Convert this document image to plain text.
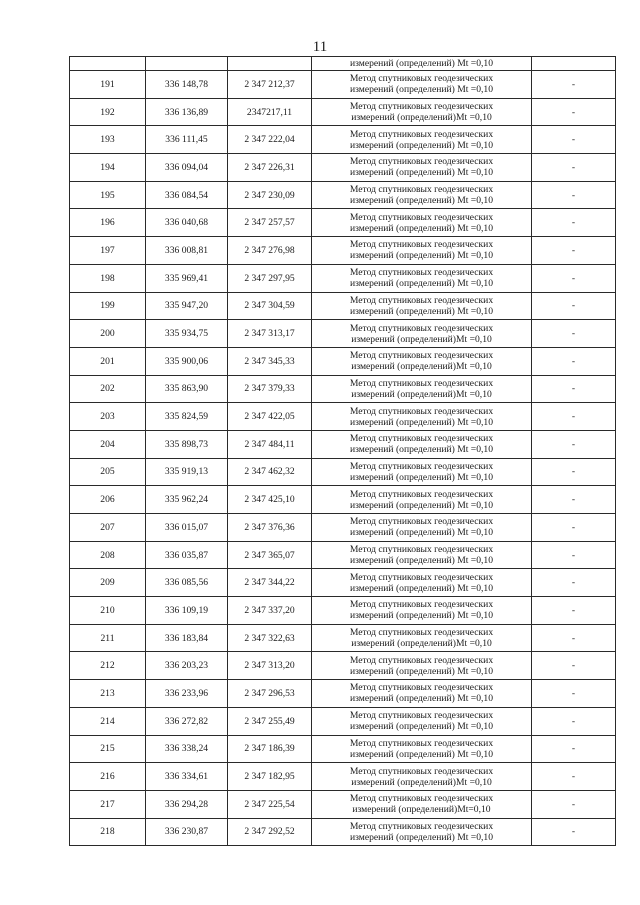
11

			измерений (определений) Mt =0,10	

191	336 148,78	2 347 212,37	Метод спутниковых геодезических
измерений (определений) Mt =0,10	-
192	336 136,89	2347217,11	Метод спутниковых геодезических
измерений (определений)Mt =0,10	-
193	336 111,45	2 347 222,04	Метод спутниковых геодезических
измерений (определений) Mt =0,10	-
194	336 094,04	2 347 226,31	Метод спутниковых геодезических
измерений (определений) Mt =0,10	-
195	336 084,54	2 347 230,09	Метод спутниковых геодезических
измерений (определений) Mt =0,10	-
196	336 040,68	2 347 257,57	Метод спутниковых геодезических
измерений (определений) Mt =0,10	-
197	336 008,81	2 347 276,98	Метод спутниковых геодезических
измерений (определений) Mt =0,10	-
198	335 969,41	2 347 297,95	Метод спутниковых геодезических
измерений (определений) Mt =0,10	-
199	335 947,20	2 347 304,59	Метод спутниковых геодезических
измерений (определений) Mt =0,10	-
200	335 934,75	2 347 313,17	Метод спутниковых геодезических
измерений (определений)Mt =0,10	-
201	335 900,06	2 347 345,33	Метод спутниковых геодезических
измерений (определений)Mt =0,10	-
202	335 863,90	2 347 379,33	Метод спутниковых геодезических
измерений (определений)Mt =0,10	-
203	335 824,59	2 347 422,05	Метод спутниковых геодезических
измерений (определений) Mt =0,10	-
204	335 898,73	2 347 484,11	Метод спутниковых геодезических
измерений (определений) Mt =0,10	-
205	335 919,13	2 347 462,32	Метод спутниковых геодезических
измерений (определений) Mt =0,10	-
206	335 962,24	2 347 425,10	Метод спутниковых геодезических
измерений (определений) Mt =0,10	-
207	336 015,07	2 347 376,36	Метод спутниковых геодезических
измерений (определений) Mt =0,10	-
208	336 035,87	2 347 365,07	Метод спутниковых геодезических
измерений (определений) Mt =0,10	-
209	336 085,56	2 347 344,22	Метод спутниковых геодезических
измерений (определений) Mt =0,10	-
210	336 109,19	2 347 337,20	Метод спутниковых геодезических
измерений (определений) Mt =0,10	-
211	336 183,84	2 347 322,63	Метод спутниковых геодезических
измерений (определений)Mt =0,10	-
212	336 203,23	2 347 313,20	Метод спутниковых геодезических
измерений (определений) Mt =0,10	-
213	336 233,96	2 347 296,53	Метод спутниковых геодезических
измерений (определений) Mt =0,10	-
214	336 272,82	2 347 255,49	Метод спутниковых геодезических
измерений (определений) Mt =0,10	-
215	336 338,24	2 347 186,39	Метод спутниковых геодезических
измерений (определений) Mt =0,10	-
216	336 334,61	2 347 182,95	Метод спутниковых геодезических
измерений (определений)Mt =0,10	-
217	336 294,28	2 347 225,54	Метод спутниковых геодезических
измерений (определений)Mt=0,10	-
218	336 230,87	2 347 292,52	Метод спутниковых геодезических
измерений (определений) Mt =0,10	-
